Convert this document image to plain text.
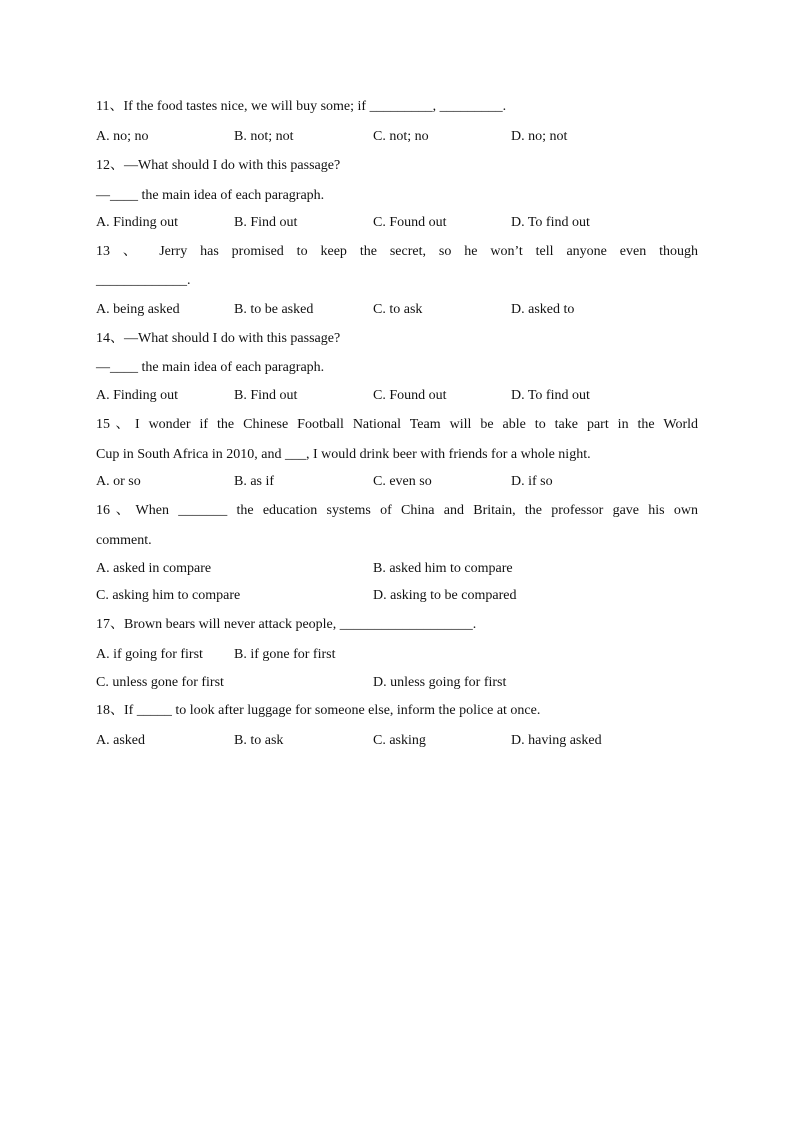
11、If the food tastes nice, we will buy some; if _________, _________.
A. no; no	B. not; not	C. not; no	D. no; not
12、—What should I do with this passage?
—____ the main idea of each paragraph.
A. Finding out	B. Find out	C. Found out	D. To find out
13 、 Jerry has promised to keep the secret, so he won’t tell anyone even though
_____________.
A. being asked	B. to be asked	C. to ask	D. asked to
14、—What should I do with this passage?
—____ the main idea of each paragraph.
A. Finding out	B. Find out	C. Found out	D. To find out
15、I wonder if the Chinese Football National Team will be able to take part in the World
Cup in South Africa in 2010, and ___, I would drink beer with friends for a whole night.
A. or so	B. as if	C. even so	D. if so
16、When _______ the education systems of China and Britain, the professor gave his own
comment.
A. asked in compare	B. asked him to compare
C. asking him to compare	D. asking to be compared
17、Brown bears will never attack people, ___________________.
A. if going for first B. if gone for first
C. unless gone for first	D. unless going for first
18、If _____ to look after luggage for someone else, inform the police at once.
A. asked	B. to ask	C. asking	D. having asked
